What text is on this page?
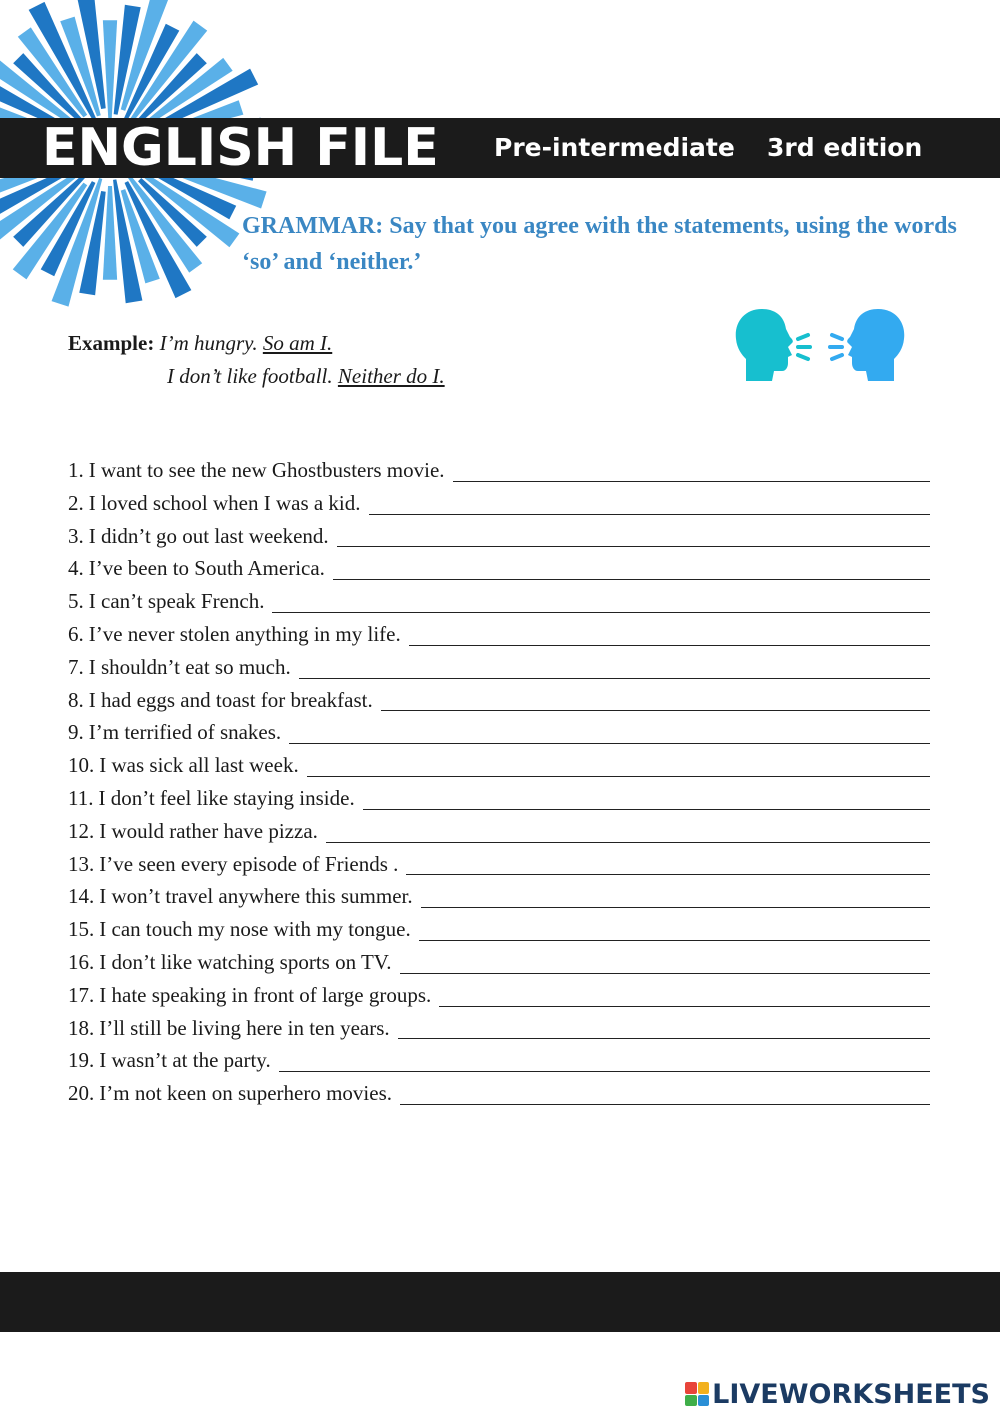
ENGLISH FILE Pre-intermediate 3rd edition
GRAMMAR: Say that you agree with the statements, using the words ‘so’ and ‘neither.’
Example: I’m hungry. So am I.
I don’t like football. Neither do I.
1. I want to see the new Ghostbusters movie.
2. I loved school when I was a kid.
3. I didn’t go out last weekend.
4. I’ve been to South America.
5. I can’t speak French.
6. I’ve never stolen anything in my life.
7. I shouldn’t eat so much.
8. I had eggs and toast for breakfast.
9. I’m terrified of snakes.
10. I was sick all last week.
11. I don’t feel like staying inside.
12. I would rather have pizza.
13. I’ve seen every episode of Friends .
14. I won’t travel anywhere this summer.
15. I can touch my nose with my tongue.
16. I don’t like watching sports on TV.
17. I hate speaking in front of large groups.
18. I’ll still be living here in ten years.
19. I wasn’t at the party.
20. I’m not keen on superhero movies.
LIVEWORKSHEETS
